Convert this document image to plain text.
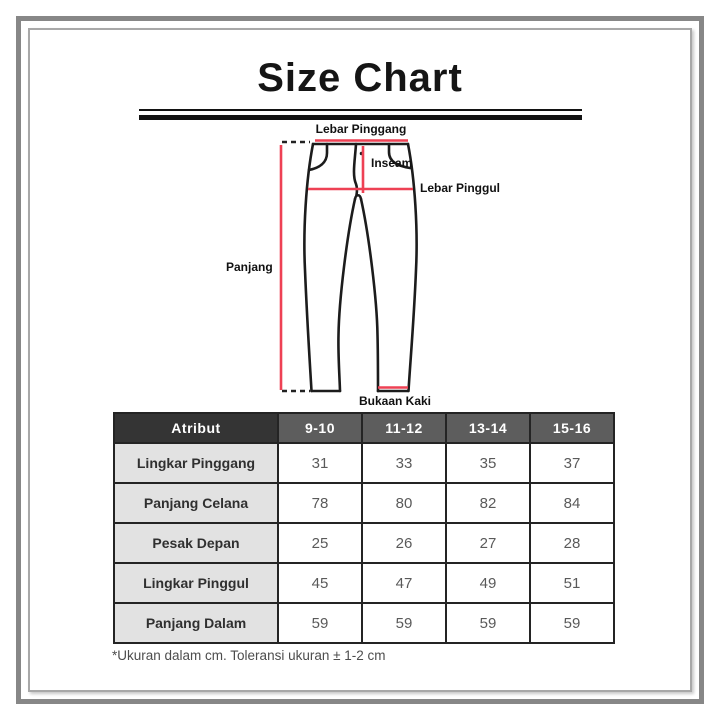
Size Chart
Lebar Pinggang
Inseam
Lebar Pinggul
Panjang
Bukaan Kaki
Atribut	9-10	11-12	13-14	15-16
Lingkar Pinggang	31	33	35	37
Panjang Celana	78	80	82	84
Pesak Depan	25	26	27	28
Lingkar Pinggul	45	47	49	51
Panjang Dalam	59	59	59	59
*Ukuran dalam cm. Toleransi ukuran ± 1-2 cm
